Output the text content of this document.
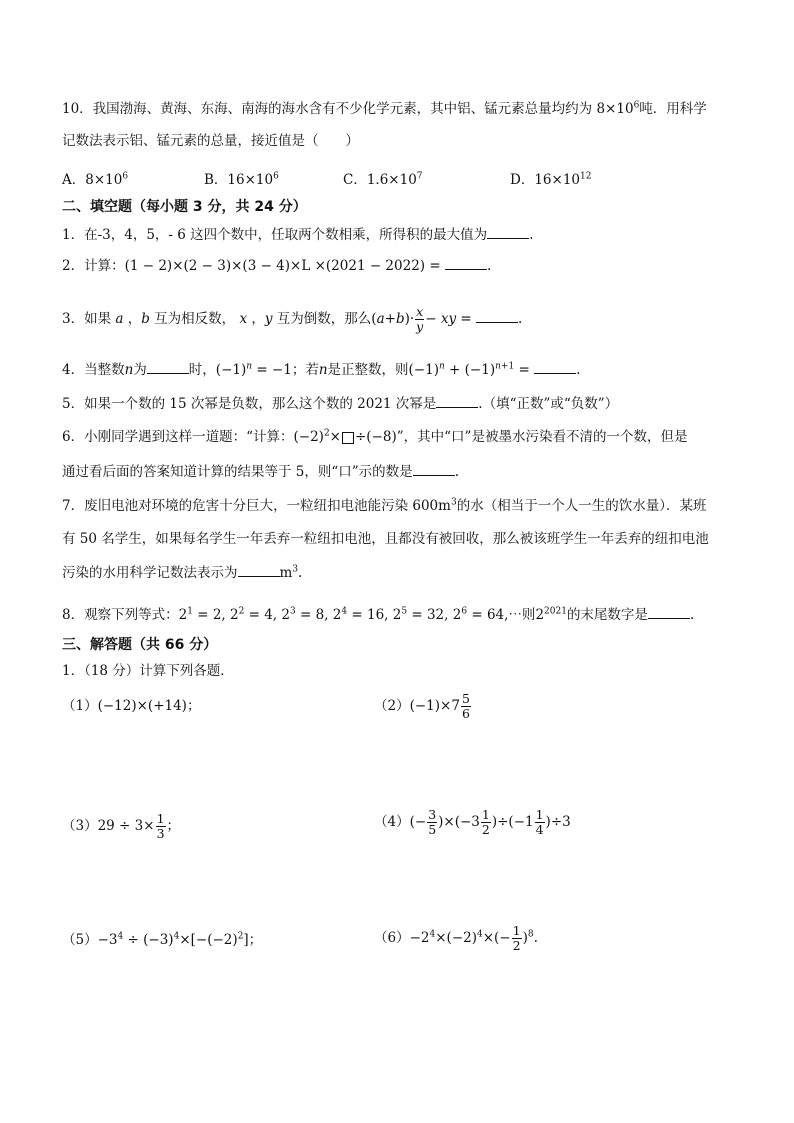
10．我国渤海、黄海、东海、南海的海水含有不少化学元素，其中铝、锰元素总量均约为 $8\times 10^6$吨．用科学
记数法表示铝、锰元素的总量，接近值是（　　）
A．$8\times 10^6$	B．$16\times 10^6$	C．$1.6\times 10^7$	D．$16\times 10^{12}$
二、填空题（每小题 3 分，共 24 分）
1．在-3，4，5，- 6 这四个数中，任取两个数相乘，所得积的最大值为	.
2．计算：(1 − 2)×(2 − 3)×(3 − 4)×L ×(2021 − 2022) =	.
3．如果 a ，b 互为相反数， x ，y 互为倒数，那么$(a+b)\cdot \frac{x}{y}$ − xy =	.
4．当整数n为	时，$(-1)^n = -1$；若n是正整数，则$(-1)^n + (-1)^{n+1}$ =	.
5．如果一个数的 15 次幂是负数，那么这个数的 2021 次幂是	.（填“正数”或“负数”）
6．小刚同学遇到这样一道题：“计算：$(-2)^2\times \div(-8)$”，其中“口”是被墨水污染看不清的一个数，但是
通过看后面的答案知道计算的结果等于 5，则“口”示的数是	.
7．废旧电池对环境的危害十分巨大，一粒纽扣电池能污染 $600m^3$的水（相当于一个人一生的饮水量）．某班
有 50 名学生，如果每名学生一年丢弃一粒纽扣电池，且都没有被回收，那么被该班学生一年丢弃的纽扣电池
污染的水用科学记数法表示为	$m^3$.
8．观察下列等式：$2^1 = 2$, $2^2 = 4$, $2^3 = 8$, $2^4 = 16$, $2^5 = 32$, $2^6$ = 64,⋯则$2^{2021}$的末尾数字是	.
三、解答题（共 66 分）
1．（18 分）计算下列各题．
（1）(−12)×(+14)；	$(2)(-1)\times 7 \frac{5}{6}$
$(3)29 \div 3\times \frac{1}{3}$ ；	$(4)(- \frac{3}{5} )\times(-3 \frac{1}{2} )\div(-1 \frac{1}{4} )\div 3$
$(5)-3^4 \div (-3)^4\times[-(-2)^2]$；	$(6)-2^4\times(-2)^4\times(- \frac{1}{2} )^8$.
